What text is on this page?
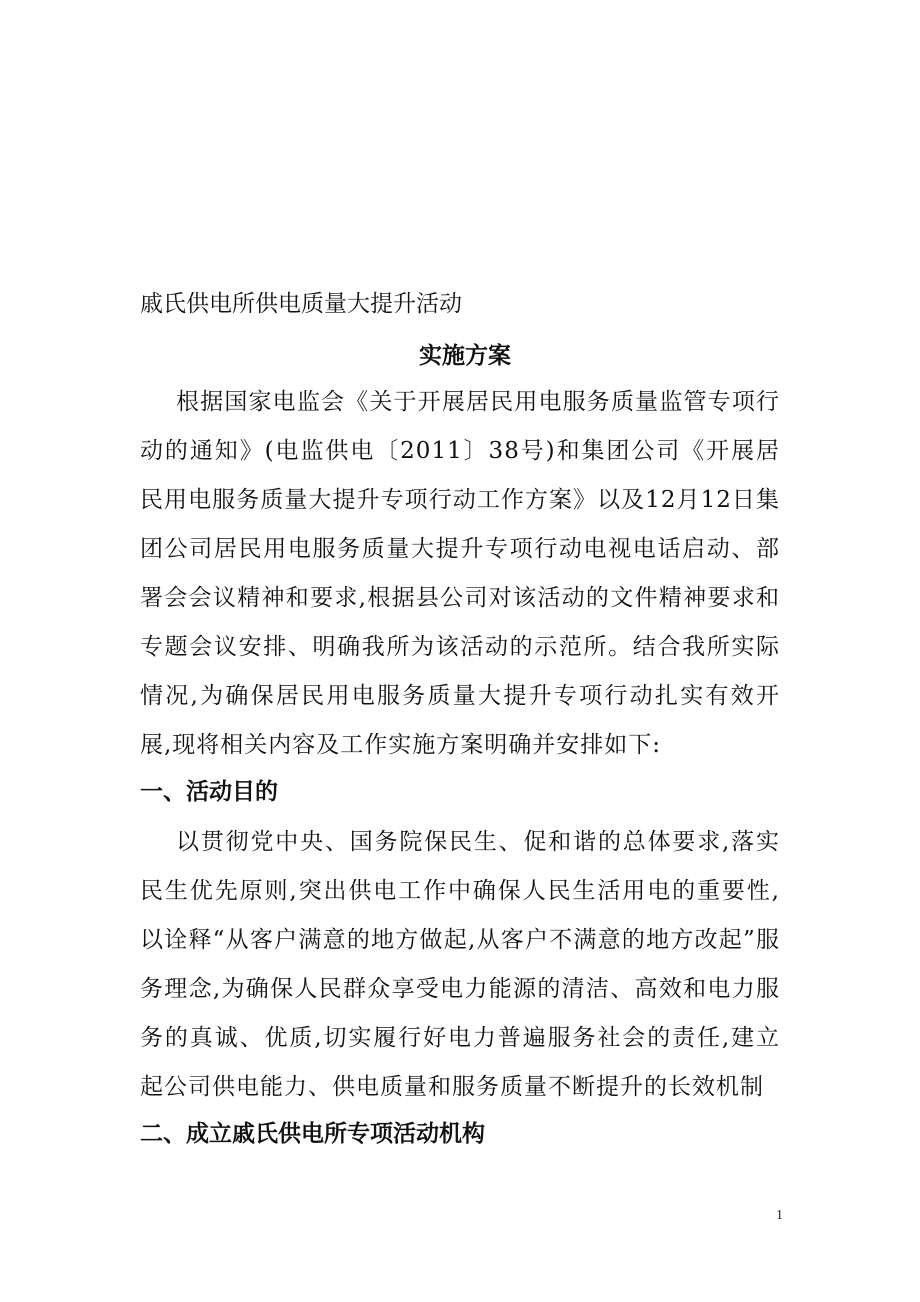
戚氏供电所供电质量大提升活动
实施方案

根据国家电监会《关于开展居民用电服务质量监管专项行动的通知》(电监供电〔2011〕38号)和集团公司《开展居民用电服务质量大提升专项行动工作方案》以及12月12日集团公司居民用电服务质量大提升专项行动电视电话启动、部署会会议精神和要求,根据县公司对该活动的文件精神要求和专题会议安排、明确我所为该活动的示范所。结合我所实际情况,为确保居民用电服务质量大提升专项行动扎实有效开展,现将相关内容及工作实施方案明确并安排如下:

一、活动目的

以贯彻党中央、国务院保民生、促和谐的总体要求,落实民生优先原则,突出供电工作中确保人民生活用电的重要性,以诠释“从客户满意的地方做起,从客户不满意的地方改起”服务理念,为确保人民群众享受电力能源的清洁、高效和电力服务的真诚、优质,切实履行好电力普遍服务社会的责任,建立起公司供电能力、供电质量和服务质量不断提升的长效机制

二、成立戚氏供电所专项活动机构
1
